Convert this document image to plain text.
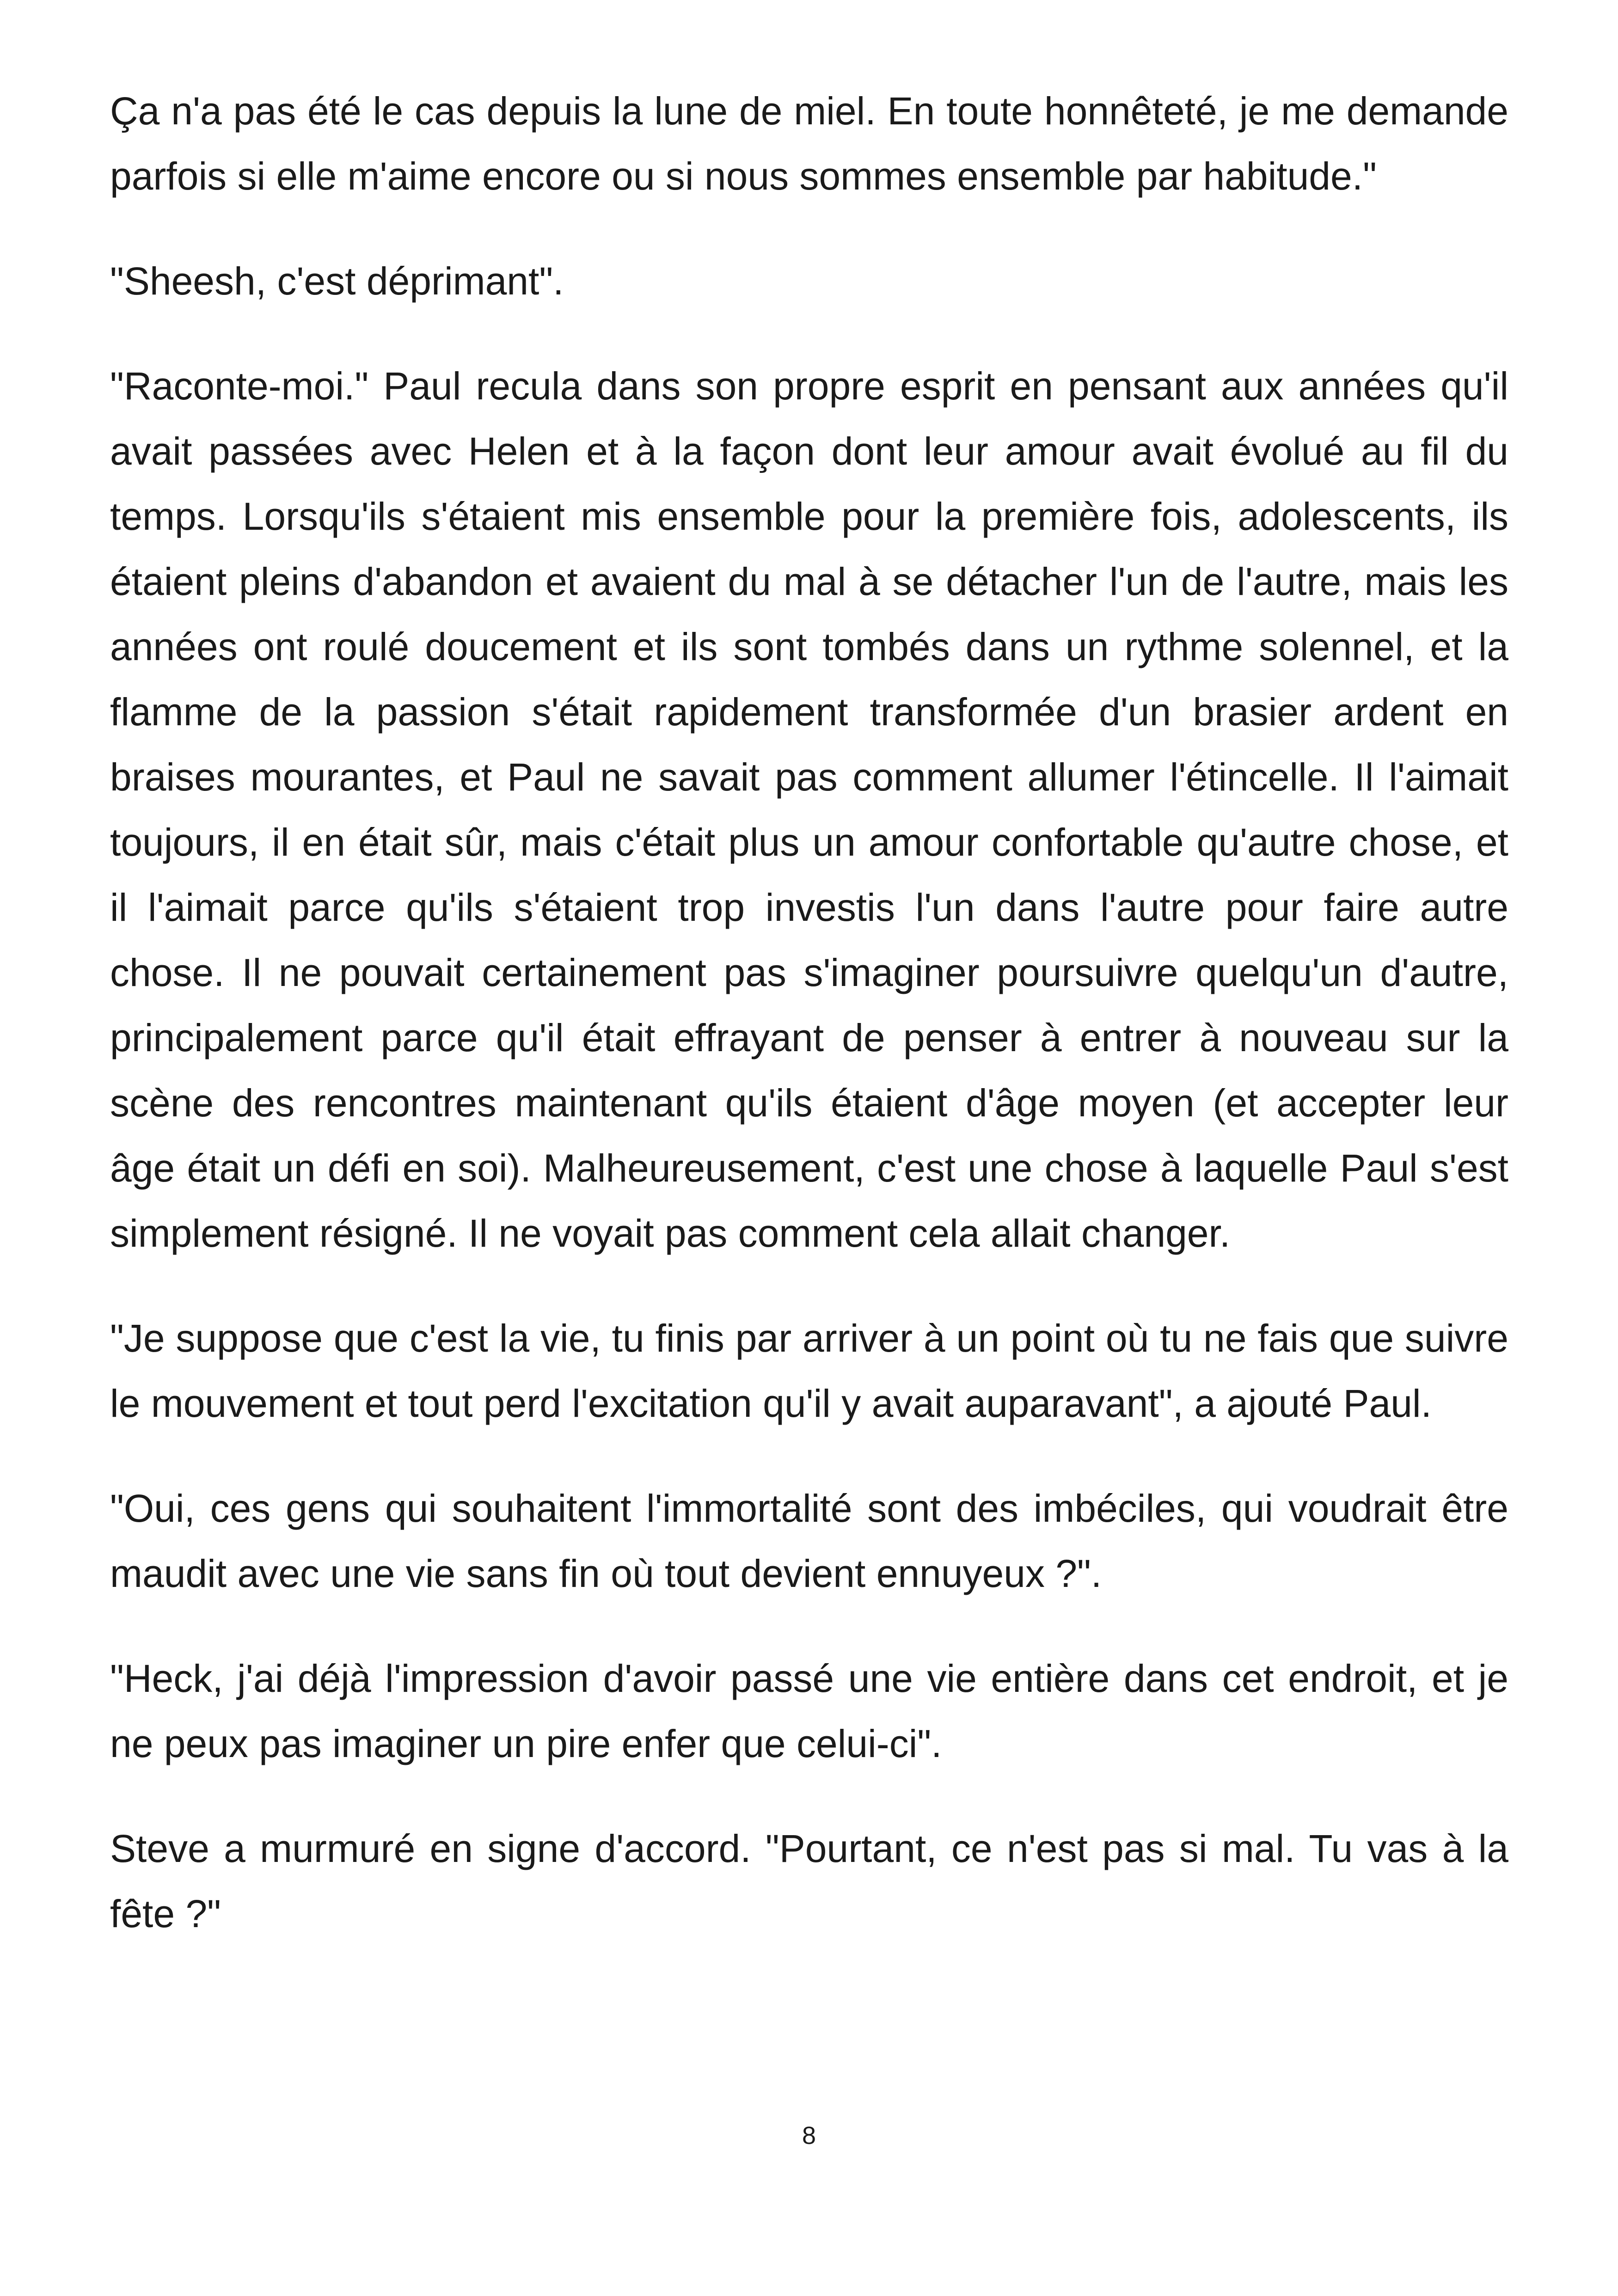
Ça n'a pas été le cas depuis la lune de miel. En toute honnêteté, je me demande parfois si elle m'aime encore ou si nous sommes ensemble par habitude."

"Sheesh, c'est déprimant".

"Raconte-moi." Paul recula dans son propre esprit en pensant aux années qu'il avait passées avec Helen et à la façon dont leur amour avait évolué au fil du temps. Lorsqu'ils s'étaient mis ensemble pour la première fois, adolescents, ils étaient pleins d'abandon et avaient du mal à se détacher l'un de l'autre, mais les années ont roulé doucement et ils sont tombés dans un rythme solennel, et la flamme de la passion s'était rapidement transformée d'un brasier ardent en braises mourantes, et Paul ne savait pas comment allumer l'étincelle. Il l'aimait toujours, il en était sûr, mais c'était plus un amour confortable qu'autre chose, et il l'aimait parce qu'ils s'étaient trop investis l'un dans l'autre pour faire autre chose. Il ne pouvait certainement pas s'imaginer poursuivre quelqu'un d'autre, principalement parce qu'il était effrayant de penser à entrer à nouveau sur la scène des rencontres maintenant qu'ils étaient d'âge moyen (et accepter leur âge était un défi en soi). Malheureusement, c'est une chose à laquelle Paul s'est simplement résigné. Il ne voyait pas comment cela allait changer.

"Je suppose que c'est la vie, tu finis par arriver à un point où tu ne fais que suivre le mouvement et tout perd l'excitation qu'il y avait auparavant", a ajouté Paul.

"Oui, ces gens qui souhaitent l'immortalité sont des imbéciles, qui voudrait être maudit avec une vie sans fin où tout devient ennuyeux ?".

"Heck, j'ai déjà l'impression d'avoir passé une vie entière dans cet endroit, et je ne peux pas imaginer un pire enfer que celui-ci".

Steve a murmuré en signe d'accord. "Pourtant, ce n'est pas si mal. Tu vas à la fête ?"

8
